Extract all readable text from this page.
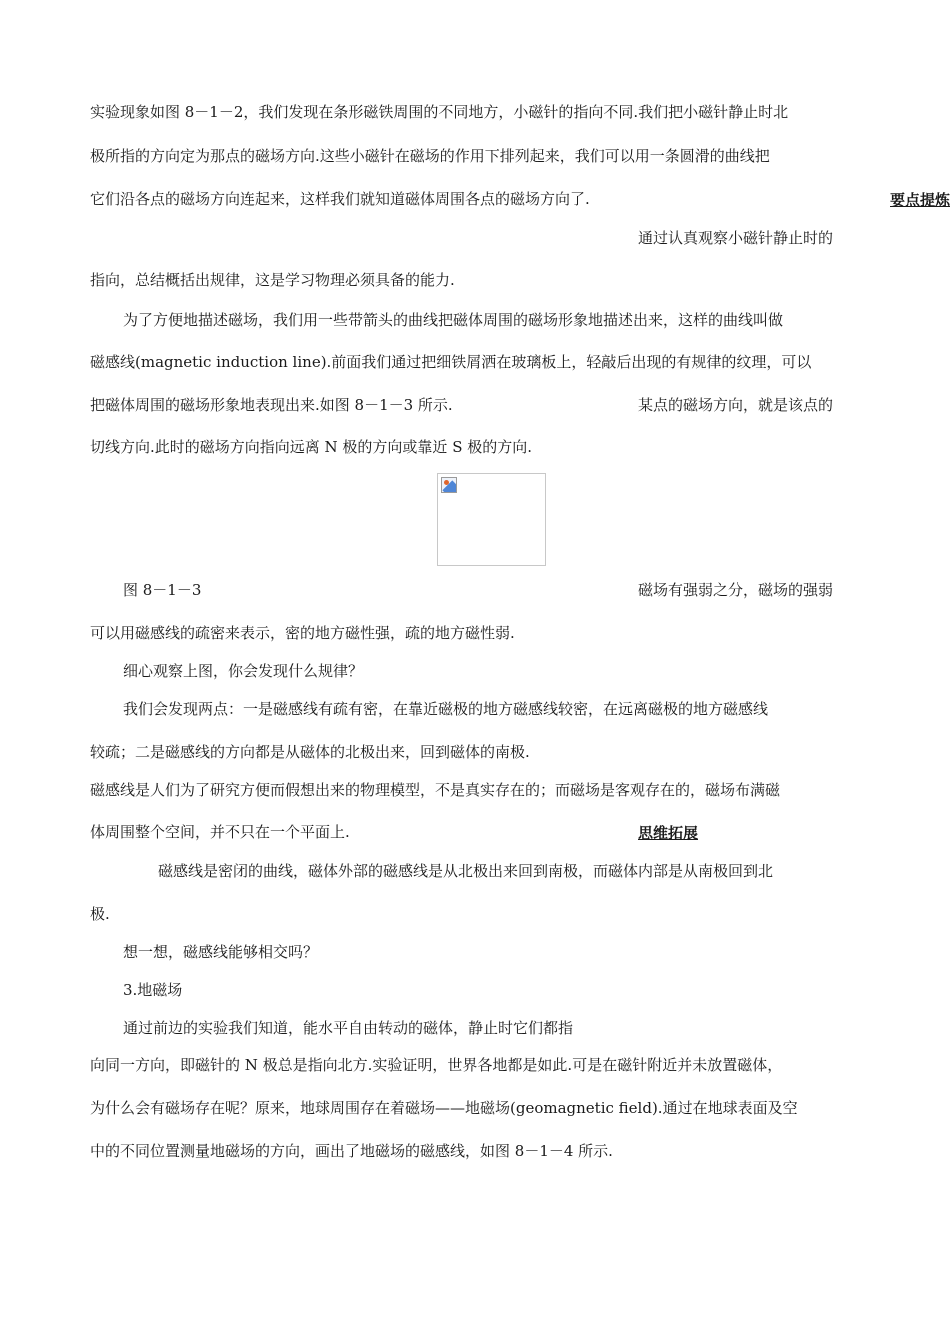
实验现象如图 8－1－2，我们发现在条形磁铁周围的不同地方，小磁针的指向不同.我们把小磁针静止时北
极所指的方向定为那点的磁场方向.这些小磁针在磁场的作用下排列起来，我们可以用一条圆滑的曲线把
它们沿各点的磁场方向连起来，这样我们就知道磁体周围各点的磁场方向了.	要点提炼
通过认真观察小磁针静止时的
指向，总结概括出规律，这是学习物理必须具备的能力.
为了方便地描述磁场，我们用一些带箭头的曲线把磁体周围的磁场形象地描述出来，这样的曲线叫做
磁感线(magnetic induction line).前面我们通过把细铁屑洒在玻璃板上，轻敲后出现的有规律的纹理，可以
把磁体周围的磁场形象地表现出来.如图 8－1－3 所示.	某点的磁场方向，就是该点的
切线方向.此时的磁场方向指向远离 N 极的方向或靠近 S 极的方向.
图 8－1－3	磁场有强弱之分，磁场的强弱
可以用磁感线的疏密来表示，密的地方磁性强，疏的地方磁性弱.
细心观察上图，你会发现什么规律？
我们会发现两点：一是磁感线有疏有密，在靠近磁极的地方磁感线较密，在远离磁极的地方磁感线
较疏；二是磁感线的方向都是从磁体的北极出来，回到磁体的南极.
磁感线是人们为了研究方便而假想出来的物理模型，不是真实存在的；而磁场是客观存在的，磁场布满磁
体周围整个空间，并不只在一个平面上.	思维拓展
磁感线是密闭的曲线，磁体外部的磁感线是从北极出来回到南极，而磁体内部是从南极回到北
极.
想一想，磁感线能够相交吗？
3.地磁场
通过前边的实验我们知道，能水平自由转动的磁体，静止时它们都指
向同一方向，即磁针的 N 极总是指向北方.实验证明，世界各地都是如此.可是在磁针附近并未放置磁体，
为什么会有磁场存在呢？原来，地球周围存在着磁场——地磁场(geomagnetic field).通过在地球表面及空
中的不同位置测量地磁场的方向，画出了地磁场的磁感线，如图 8－1－4 所示.
